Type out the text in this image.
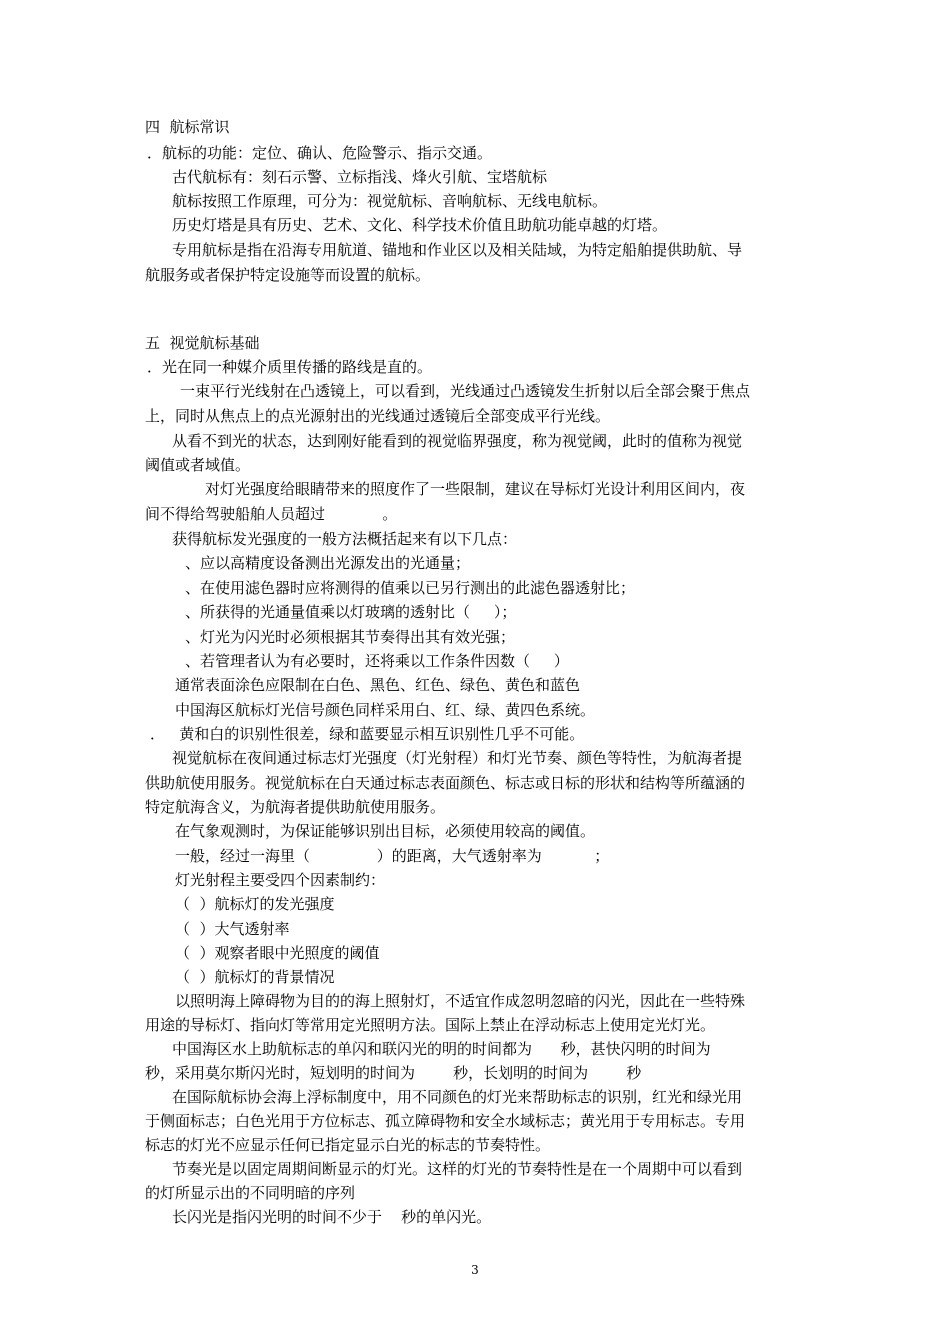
四  航标常识

．航标的功能：定位、确认、危险警示、指示交通。

古代航标有：刻石示警、立标指浅、烽火引航、宝塔航标

航标按照工作原理，可分为：视觉航标、音响航标、无线电航标。

历史灯塔是具有历史、艺术、文化、科学技术价值且助航功能卓越的灯塔。

专用航标是指在沿海专用航道、锚地和作业区以及相关陆域，为特定船舶提供助航、导

航服务或者保护特定设施等而设置的航标。

五  视觉航标基础

．光在同一种媒介质里传播的路线是直的。

一束平行光线射在凸透镜上，可以看到，光线通过凸透镜发生折射以后全部会聚于焦点

上，同时从焦点上的点光源射出的光线通过透镜后全部变成平行光线。

从看不到光的状态，达到刚好能看到的视觉临界强度，称为视觉阈，此时的值称为视觉

阈值或者域值。

对灯光强度给眼睛带来的照度作了一些限制，建议在导标灯光设计利用区间内，夜

间不得给驾驶船舶人员超过            。

获得航标发光强度的一般方法概括起来有以下几点：

、应以高精度设备测出光源发出的光通量；

、在使用滤色器时应将测得的值乘以已另行测出的此滤色器透射比；

、所获得的光通量值乘以灯玻璃的透射比（     ）；

、灯光为闪光时必须根据其节奏得出其有效光强；

、若管理者认为有必要时，还将乘以工作条件因数（     ）

通常表面涂色应限制在白色、黑色、红色、绿色、黄色和蓝色

中国海区航标灯光信号颜色同样采用白、红、绿、黄四色系统。

．   黄和白的识别性很差，绿和蓝要显示相互识别性几乎不可能。

视觉航标在夜间通过标志灯光强度（灯光射程）和灯光节奏、颜色等特性，为航海者提

供助航使用服务。视觉航标在白天通过标志表面颜色、标志或日标的形状和结构等所蕴涵的

特定航海含义，为航海者提供助航使用服务。

在气象观测时，为保证能够识别出目标，必须使用较高的阈值。

一般，经过一海里（              ）的距离，大气透射率为           ；

灯光射程主要受四个因素制约：

（  ）航标灯的发光强度

（  ）大气透射率

（  ）观察者眼中光照度的阈值

（  ）航标灯的背景情况

以照明海上障碍物为目的的海上照射灯，不适宜作成忽明忽暗的闪光，因此在一些特殊

用途的导标灯、指向灯等常用定光照明方法。国际上禁止在浮动标志上使用定光灯光。

中国海区水上助航标志的单闪和联闪光的明的时间都为      秒，甚快闪明的时间为

秒，采用莫尔斯闪光时，短划明的时间为        秒，长划明的时间为        秒

在国际航标协会海上浮标制度中，用不同颜色的灯光来帮助标志的识别，红光和绿光用

于侧面标志；白色光用于方位标志、孤立障碍物和安全水域标志；黄光用于专用标志。专用

标志的灯光不应显示任何已指定显示白光的标志的节奏特性。

节奏光是以固定周期间断显示的灯光。这样的灯光的节奏特性是在一个周期中可以看到

的灯所显示出的不同明暗的序列

长闪光是指闪光明的时间不少于    秒的单闪光。

3
